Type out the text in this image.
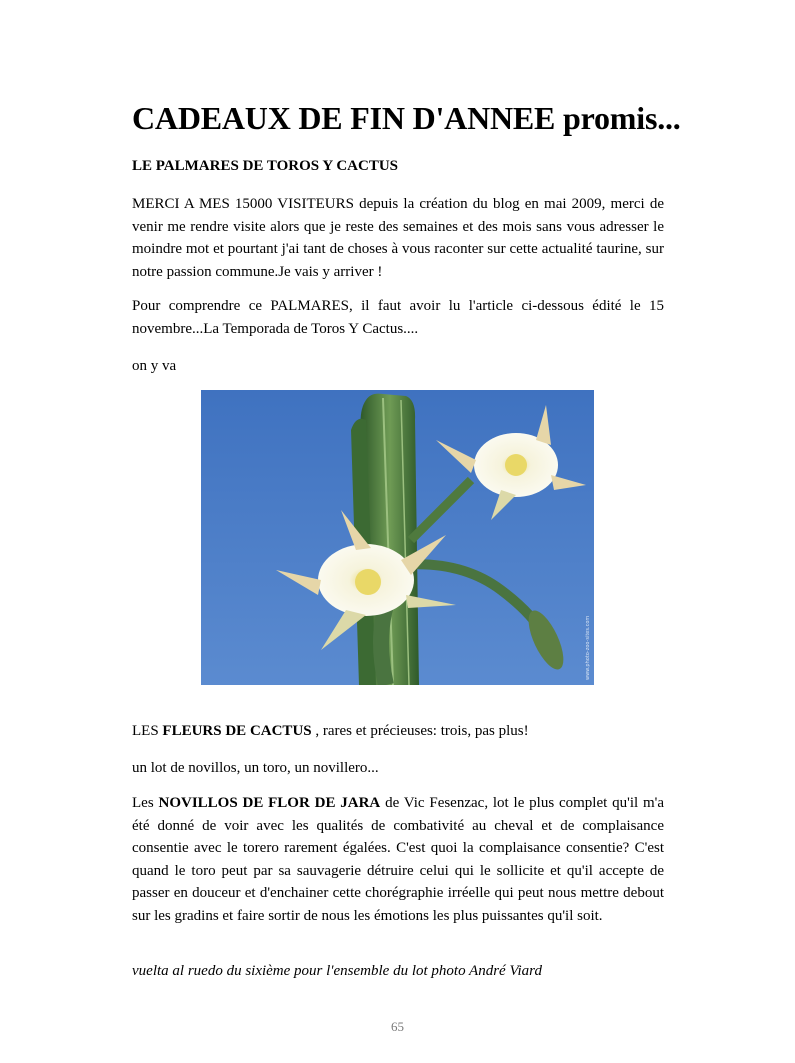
CADEAUX DE FIN D'ANNEE promis...
LE PALMARES DE TOROS Y CACTUS

MERCI A MES 15000 VISITEURS depuis la création du blog en mai 2009, merci de venir me rendre visite alors que je reste des semaines et des mois sans vous adresser le moindre mot et pourtant j'ai tant de choses à vous raconter sur cette actualité taurine, sur notre passion commune.Je vais y arriver !

Pour comprendre ce PALMARES, il faut avoir lu l'article ci-dessous édité le 15 novembre...La Temporada de Toros Y Cactus....

on y va

www.photo-zoo-sites.com

LES FLEURS DE CACTUS , rares et précieuses: trois, pas plus!

un lot de novillos, un toro, un novillero...

Les NOVILLOS DE FLOR DE JARA de Vic Fesenzac, lot le plus complet qu'il m'a été donné de voir avec les qualités de combativité au cheval et de complaisance consentie avec le torero rarement égalées. C'est quoi la complaisance consentie? C'est quand le toro peut par sa sauvagerie détruire celui qui le sollicite et qu'il accepte de passer en douceur et d'enchainer cette chorégraphie irréelle qui peut nous mettre debout sur les gradins et faire sortir de nous les émotions les plus puissantes qu'il soit.

vuelta al ruedo du sixième pour l'ensemble du lot photo André Viard

65
